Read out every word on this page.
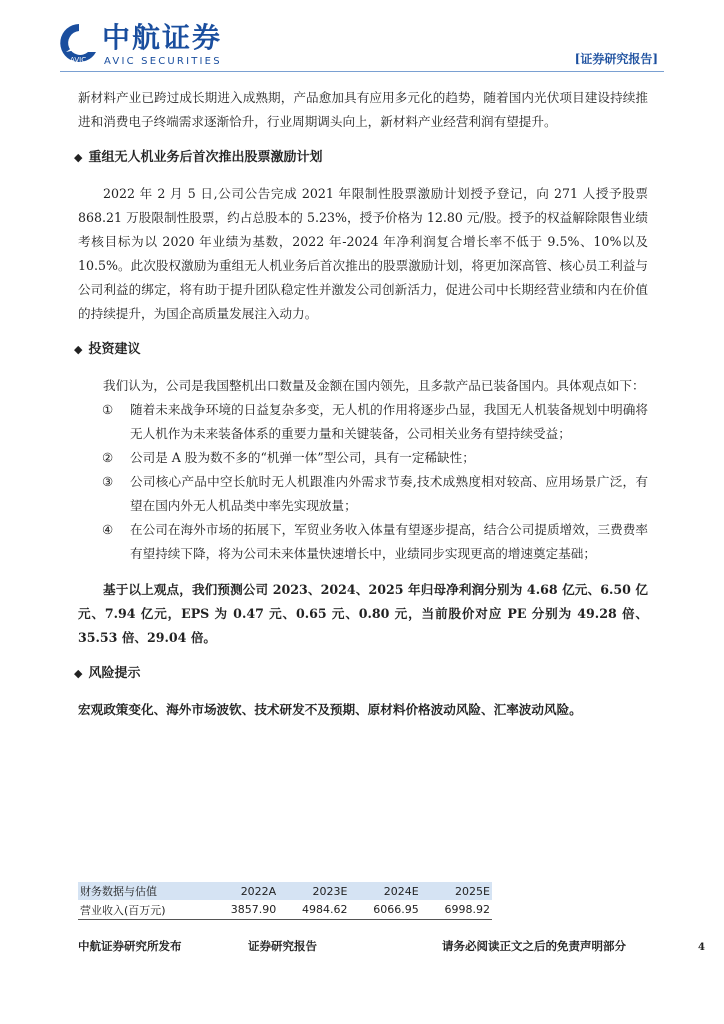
AVIC
中航证券
AVIC SECURITIES	[证券研究报告]

新材料产业已跨过成长期进入成熟期，产品愈加具有应用多元化的趋势，随着国内光伏项目建设持续推进和消费电子终端需求逐渐恰升，行业周期调头向上，新材料产业经营利润有望提升。

◆ 重组无人机业务后首次推出股票激励计划

2022 年 2 月 5 日,公司公告完成 2021 年限制性股票激励计划授予登记，向 271 人授予股票 868.21 万股限制性股票，约占总股本的 5.23%，授予价格为 12.80 元/股。授予的权益解除限售业绩考核目标为以 2020 年业绩为基数，2022 年-2024 年净利润复合增长率不低于 9.5%、10%以及 10.5%。此次股权激励为重组无人机业务后首次推出的股票激励计划，将更加深高管、核心员工利益与公司利益的绑定，将有助于提升团队稳定性并激发公司创新活力，促进公司中长期经营业绩和内在价值的持续提升，为国企高质量发展注入动力。

◆ 投资建议

我们认为，公司是我国整机出口数量及金额在国内领先，且多款产品已装备国内。具体观点如下：

① 随着未来战争环境的日益复杂多变，无人机的作用将逐步凸显，我国无人机装备规划中明确将无人机作为未来装备体系的重要力量和关键装备，公司相关业务有望持续受益；
② 公司是 A 股为数不多的“机弹一体”型公司，具有一定稀缺性；
③ 公司核心产品中空长航时无人机跟准内外需求节奏,技术成熟度相对较高、应用场景广泛，有望在国内外无人机品类中率先实现放量；
④ 在公司在海外市场的拓展下，军贸业务收入体量有望逐步提高，结合公司提质增效，三费费率有望持续下降，将为公司未来体量快速增长中，业绩同步实现更高的增速奠定基础；

基于以上观点，我们预测公司 2023、2024、2025 年归母净利润分别为 4.68 亿元、6.50 亿元、7.94 亿元，EPS 为 0.47 元、0.65 元、0.80 元，当前股价对应 PE 分别为 49.28 倍、35.53 倍、29.04 倍。

◆ 风险提示

宏观政策变化、海外市场波钦、技术研发不及预期、原材料价格波动风险、汇率波动风险。

财务数据与估值	2022A	2023E	2024E	2025E
营业收入(百万元)	3857.90	4984.62	6066.95	6998.92
中航证券研究所发布	证券研究报告	请务必阅读正文之后的免责声明部分	4
